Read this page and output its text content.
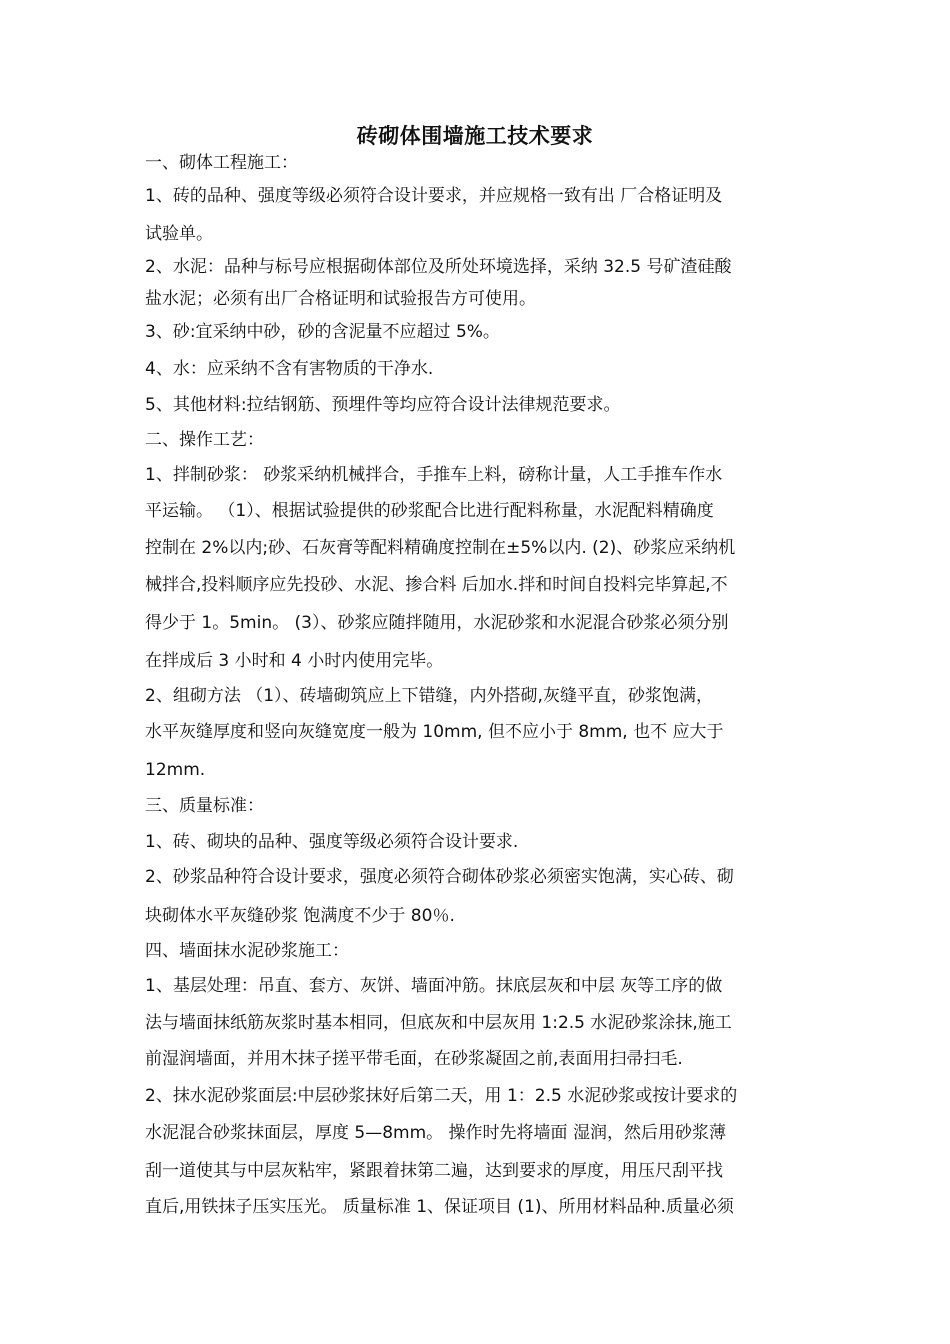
砖砌体围墙施工技术要求
一、砌体工程施工：
1、砖的品种、强度等级必须符合设计要求，并应规格一致有出 厂合格证明及
试验单。
2、水泥：品种与标号应根据砌体部位及所处环境选择，采纳 32.5 号矿渣硅酸
盐水泥；必须有出厂合格证明和试验报告方可使用。
3、砂:宜采纳中砂，砂的含泥量不应超过 5%。
4、水：应采纳不含有害物质的干净水.
5、其他材料:拉结钢筋、预埋件等均应符合设计法律规范要求。
二、操作工艺：
1、拌制砂浆： 砂浆采纳机械拌合，手推车上料，磅称计量，人工手推车作水
平运输。 （1）、根据试验提供的砂浆配合比进行配料称量，水泥配料精确度
控制在 2%以内;砂、石灰膏等配料精确度控制在±5%以内. (2)、砂浆应采纳机
械拌合,投料顺序应先投砂、水泥、掺合料 后加水.拌和时间自投料完毕算起,不
得少于 1。5min。 (3）、砂浆应随拌随用，水泥砂浆和水泥混合砂浆必须分别
在拌成后 3 小时和 4 小时内使用完毕。
2、组砌方法 （1）、砖墙砌筑应上下错缝，内外搭砌,灰缝平直，砂浆饱满，
水平灰缝厚度和竖向灰缝宽度一般为 10mm, 但不应小于 8mm, 也不 应大于
12mm.
三、质量标准：
1、砖、砌块的品种、强度等级必须符合设计要求.
2、砂浆品种符合设计要求，强度必须符合砌体砂浆必须密实饱满，实心砖、砌
块砌体水平灰缝砂浆 饱满度不少于 80％.
四、墙面抹水泥砂浆施工：
1、基层处理：吊直、套方、灰饼、墙面冲筋。抹底层灰和中层 灰等工序的做
法与墙面抹纸筋灰浆时基本相同，但底灰和中层灰用 1:2.5 水泥砂浆涂抹,施工
前湿润墙面，并用木抹子搓平带毛面，在砂浆凝固之前,表面用扫帚扫毛.
2、抹水泥砂浆面层:中层砂浆抹好后第二天，用 1：2.5 水泥砂浆或按计要求的
水泥混合砂浆抹面层，厚度 5—8mm。 操作时先将墙面 湿润，然后用砂浆薄
刮一道使其与中层灰粘牢，紧跟着抹第二遍，达到要求的厚度，用压尺刮平找
直后,用铁抹子压实压光。 质量标准 1、保证项目 (1)、所用材料品种.质量必须
